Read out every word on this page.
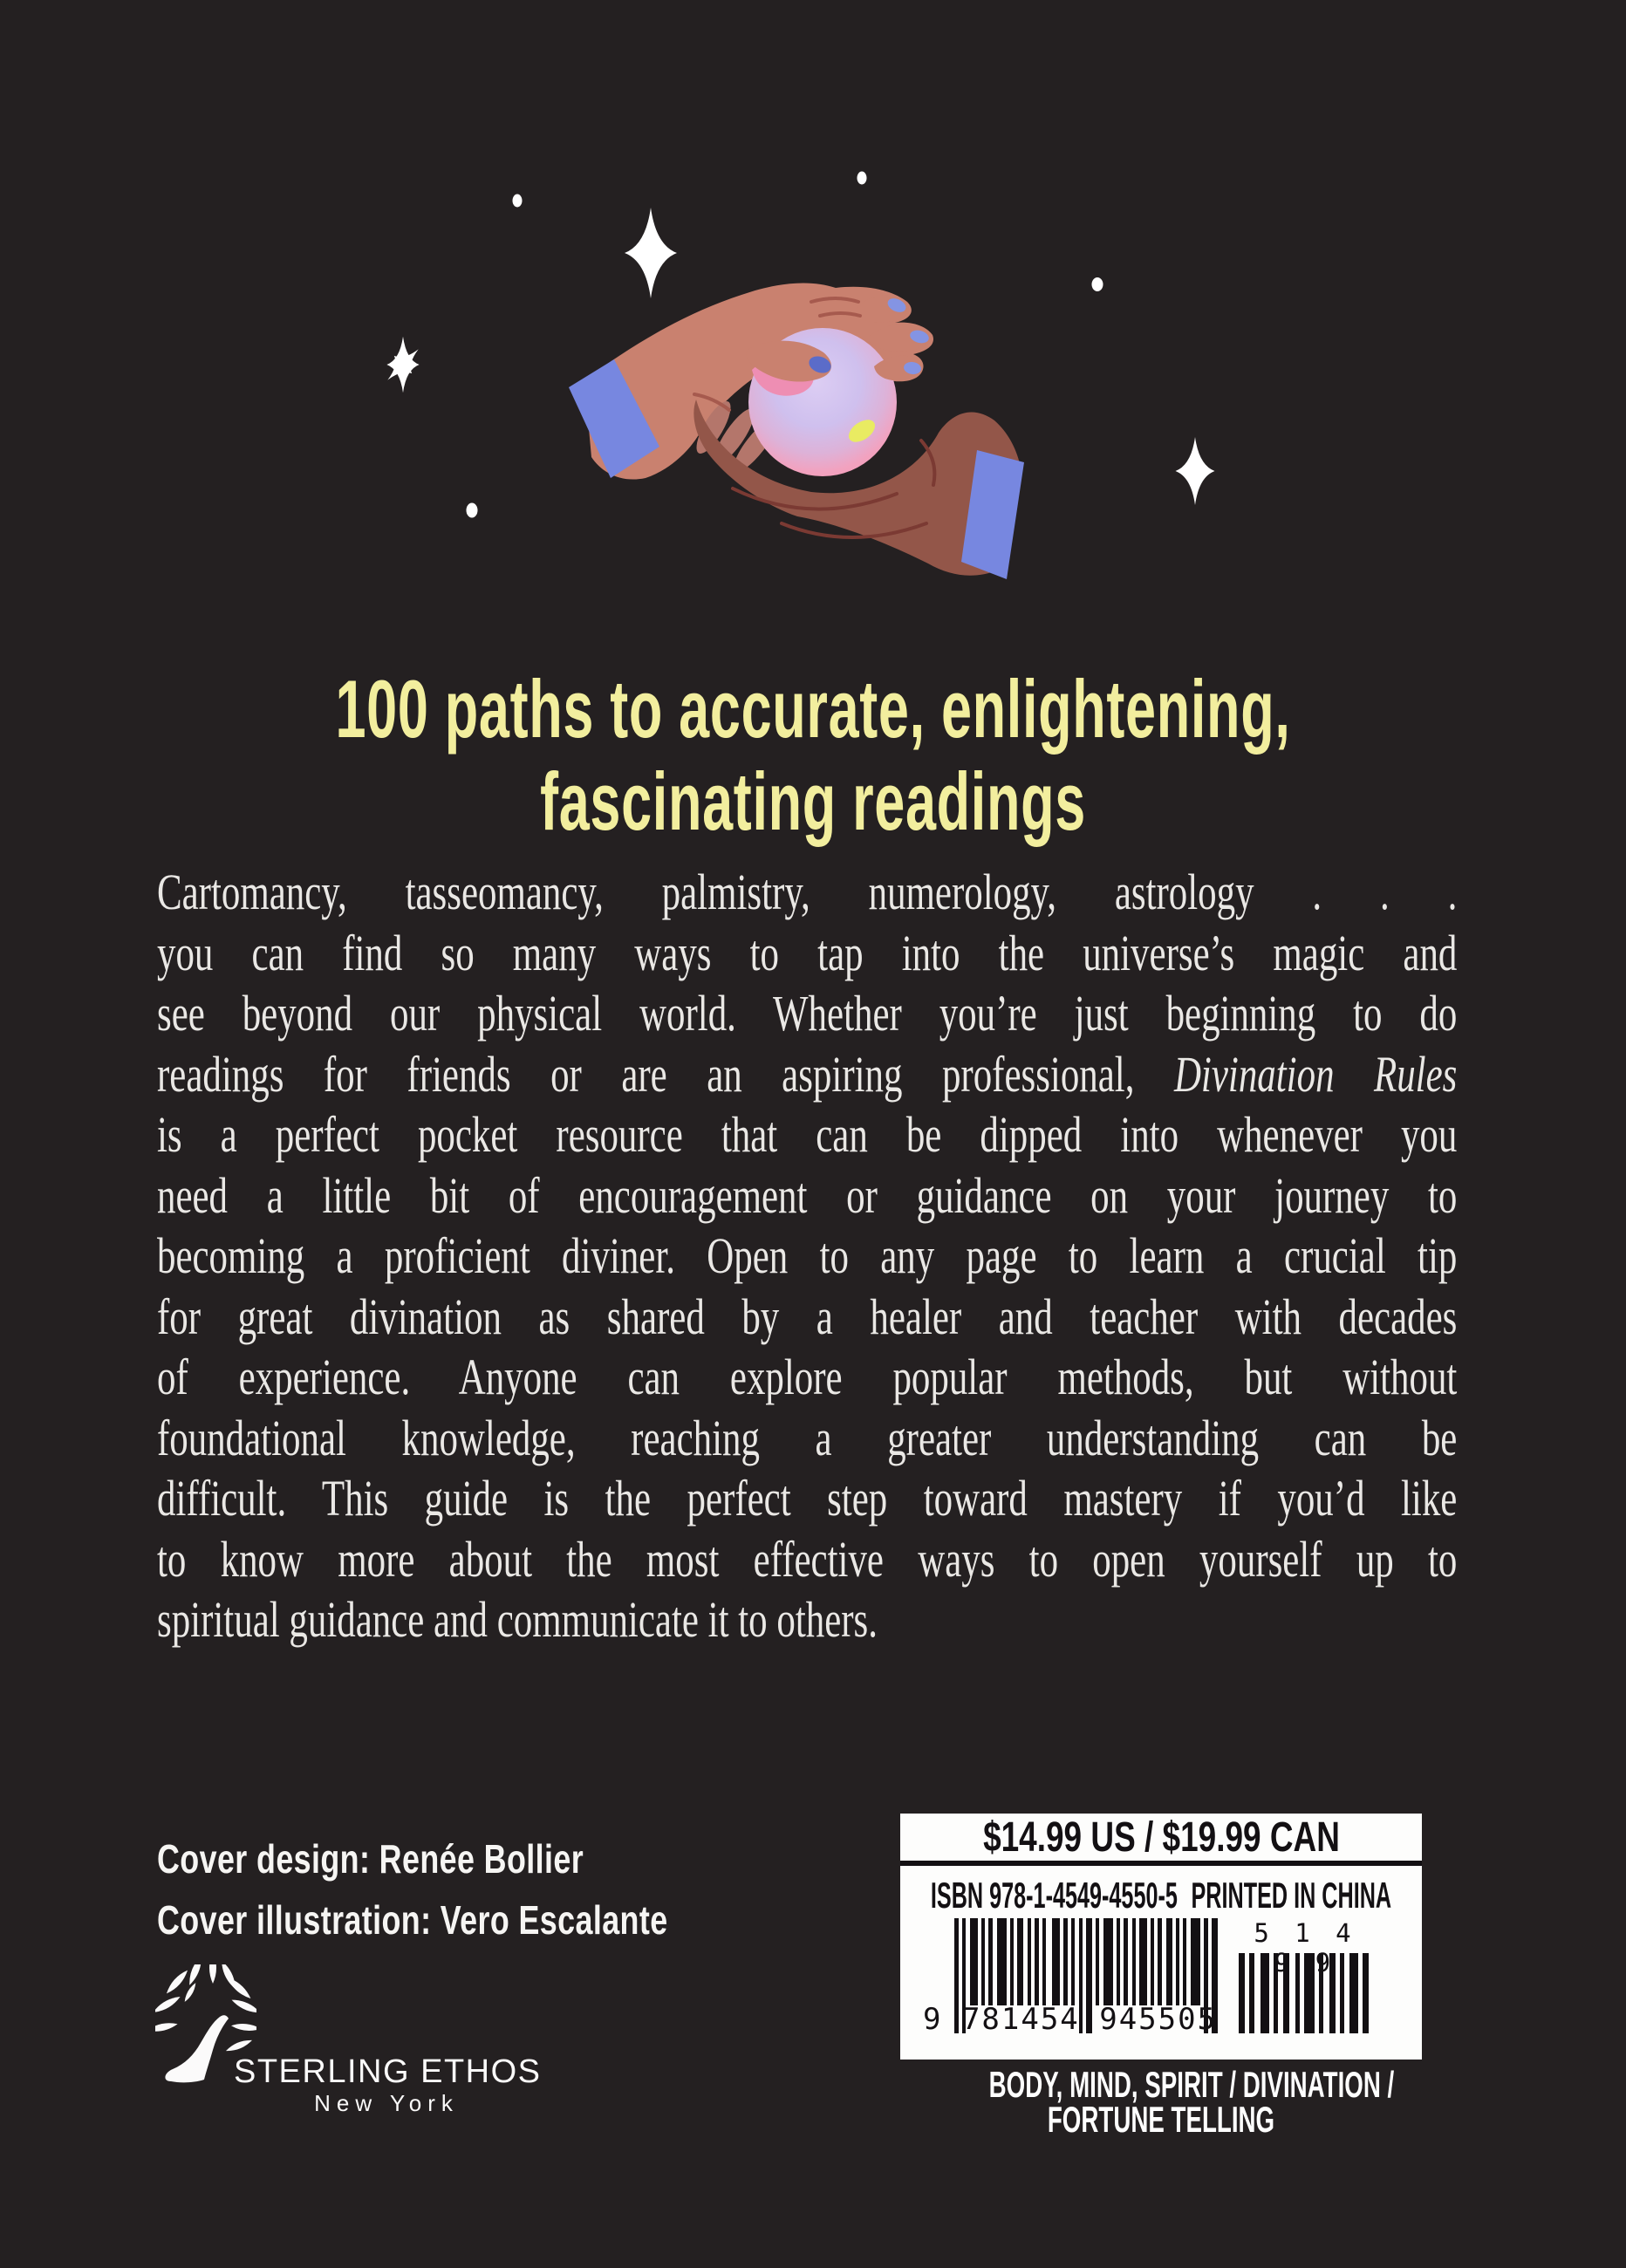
100 paths to accurate, enlightening,
fascinating readings
Cartomancy, tasseomancy, palmistry, numerology, astrology . . .
you can find so many ways to tap into the universe’s magic and
see beyond our physical world. Whether you’re just beginning to do
readings for friends or are an aspiring professional, Divination Rules
is a perfect pocket resource that can be dipped into whenever you
need a little bit of encouragement or guidance on your journey to
becoming a proficient diviner. Open to any page to learn a crucial tip
for great divination as shared by a healer and teacher with decades
of experience. Anyone can explore popular methods, but without
foundational knowledge, reaching a greater understanding can be
difficult. This guide is the perfect step toward mastery if you’d like
to know more about the most effective ways to open yourself up to
spiritual guidance and communicate it to others.
Cover design: Renée Bollier
Cover illustration: Vero Escalante
STERLING ETHOS
New York
$14.99 US / $19.99 CAN
ISBN 978-1-4549-4550-5 PRINTED IN CHINA
9 781454 945505
5 1 4 9 9
BODY, MIND, SPIRIT / DIVINATION /
FORTUNE TELLING
